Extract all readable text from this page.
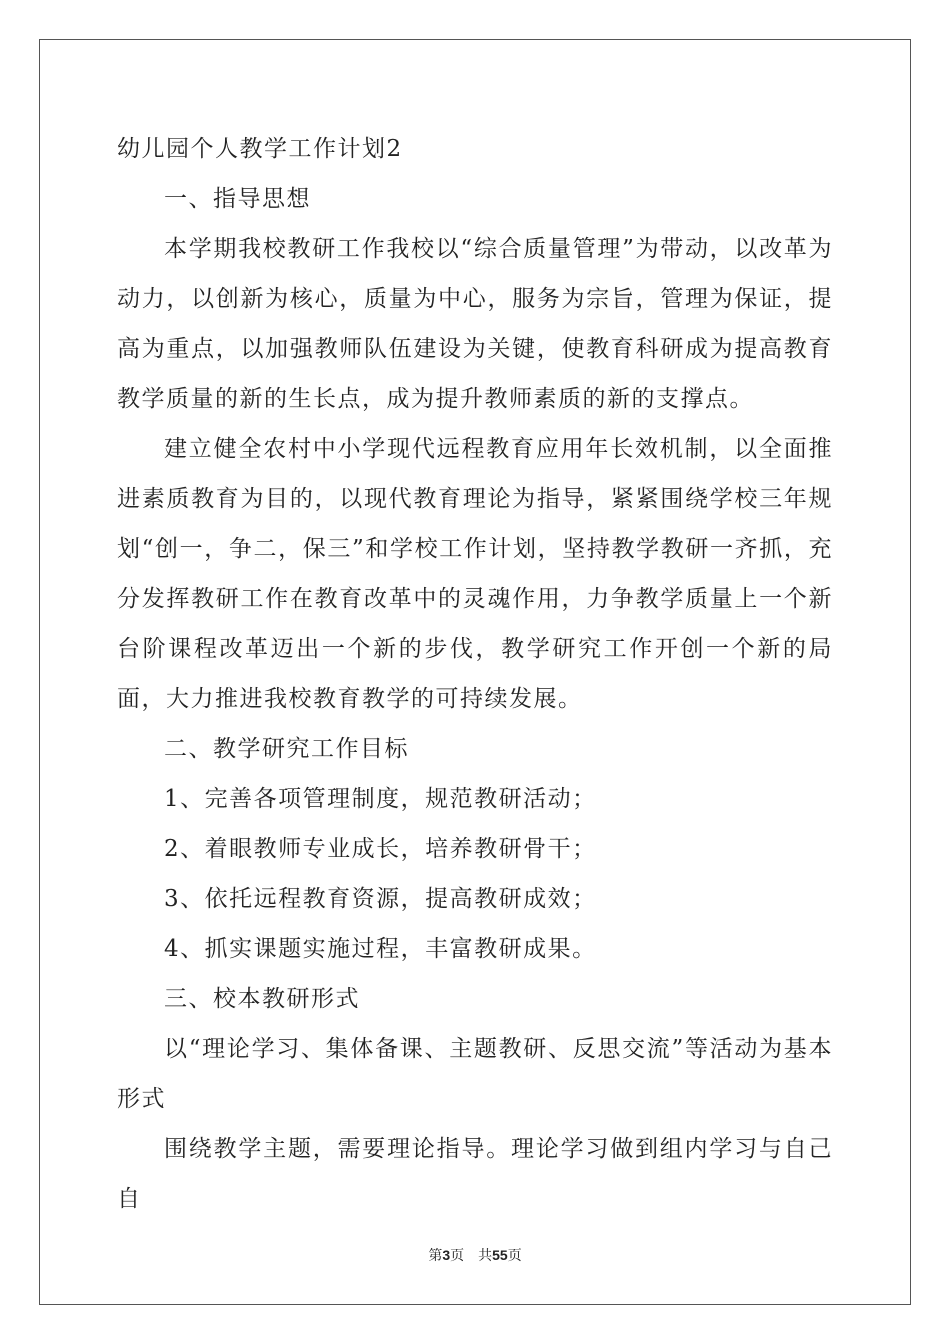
幼儿园个人教学工作计划2

一、指导思想

本学期我校教研工作我校以“综合质量管理”为带动，以改革为动力，以创新为核心，质量为中心，服务为宗旨，管理为保证，提高为重点，以加强教师队伍建设为关键，使教育科研成为提高教育教学质量的新的生长点，成为提升教师素质的新的支撑点。

建立健全农村中小学现代远程教育应用年长效机制，以全面推进素质教育为目的，以现代教育理论为指导，紧紧围绕学校三年规划“创一，争二，保三”和学校工作计划，坚持教学教研一齐抓，充分发挥教研工作在教育改革中的灵魂作用，力争教学质量上一个新台阶课程改革迈出一个新的步伐，教学研究工作开创一个新的局面，大力推进我校教育教学的可持续发展。

二、教学研究工作目标

1、完善各项管理制度，规范教研活动；

2、着眼教师专业成长，培养教研骨干；

3、依托远程教育资源，提高教研成效；

4、抓实课题实施过程，丰富教研成果。

三、校本教研形式

以“理论学习、集体备课、主题教研、反思交流”等活动为基本形式

围绕教学主题，需要理论指导。理论学习做到组内学习与自己自

第3页 共55页
